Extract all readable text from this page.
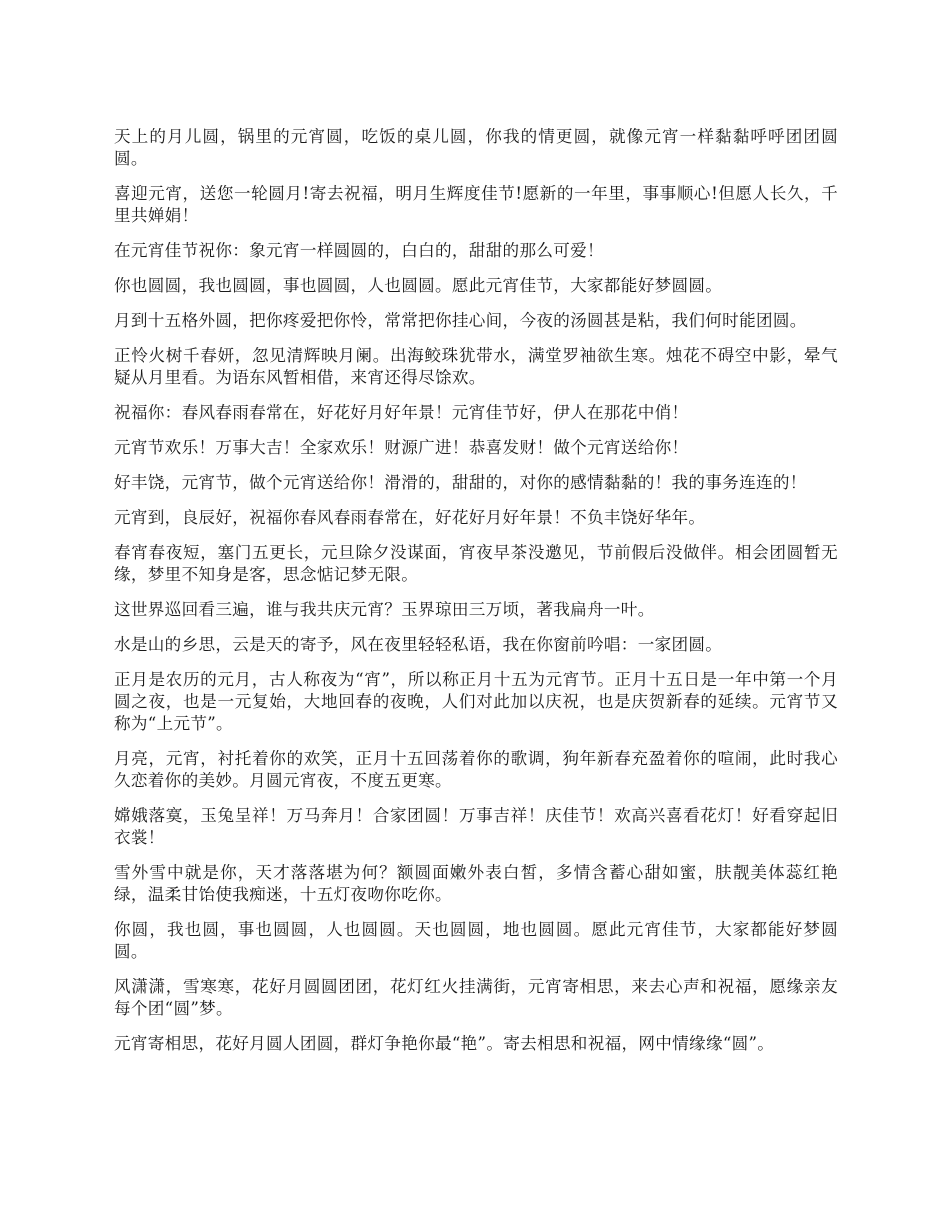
天上的月儿圆，锅里的元宵圆，吃饭的桌儿圆，你我的情更圆，就像元宵一样黏黏呼呼团团圆圆。

喜迎元宵，送您一轮圆月!寄去祝福，明月生辉度佳节!愿新的一年里，事事顺心!但愿人长久，千里共婵娟！

在元宵佳节祝你：象元宵一样圆圆的，白白的，甜甜的那么可爱！

你也圆圆，我也圆圆，事也圆圆，人也圆圆。愿此元宵佳节，大家都能好梦圆圆。

月到十五格外圆，把你疼爱把你怜，常常把你挂心间，今夜的汤圆甚是粘，我们何时能团圆。

正怜火树千春妍，忽见清辉映月阑。出海鲛珠犹带水，满堂罗袖欲生寒。烛花不碍空中影，晕气疑从月里看。为语东风暂相借，来宵还得尽馀欢。

祝福你：春风春雨春常在，好花好月好年景！元宵佳节好，伊人在那花中俏！

元宵节欢乐！万事大吉！全家欢乐！财源广进！恭喜发财！做个元宵送给你！

好丰饶，元宵节，做个元宵送给你！滑滑的，甜甜的，对你的感情黏黏的！我的事务连连的！

元宵到，良辰好，祝福你春风春雨春常在，好花好月好年景！不负丰饶好华年。

春宵春夜短，塞门五更长，元旦除夕没谋面，宵夜早茶没邀见，节前假后没做伴。相会团圆暂无缘，梦里不知身是客，思念惦记梦无限。

这世界巡回看三遍，谁与我共庆元宵？玉界琼田三万顷，著我扁舟一叶。

水是山的乡思，云是天的寄予，风在夜里轻轻私语，我在你窗前吟唱：一家团圆。

正月是农历的元月，古人称夜为“宵”，所以称正月十五为元宵节。正月十五日是一年中第一个月圆之夜，也是一元复始，大地回春的夜晚，人们对此加以庆祝，也是庆贺新春的延续。元宵节又称为“上元节”。

月亮，元宵，衬托着你的欢笑，正月十五回荡着你的歌调，狗年新春充盈着你的喧闹，此时我心久恋着你的美妙。月圆元宵夜，不度五更寒。

嫦娥落寞，玉兔呈祥！万马奔月！合家团圆！万事吉祥！庆佳节！欢高兴喜看花灯！好看穿起旧衣裳！

雪外雪中就是你，天才落落堪为何？额圆面嫩外表白皙，多情含蓄心甜如蜜，肤靓美体蕊红艳绿，温柔甘饴使我痴迷，十五灯夜吻你吃你。

你圆，我也圆，事也圆圆，人也圆圆。天也圆圆，地也圆圆。愿此元宵佳节，大家都能好梦圆圆。

风潇潇，雪寒寒，花好月圆圆团团，花灯红火挂满街，元宵寄相思，来去心声和祝福，愿缘亲友每个团“圆”梦。

元宵寄相思，花好月圆人团圆，群灯争艳你最“艳”。寄去相思和祝福，网中情缘缘“圆”。
